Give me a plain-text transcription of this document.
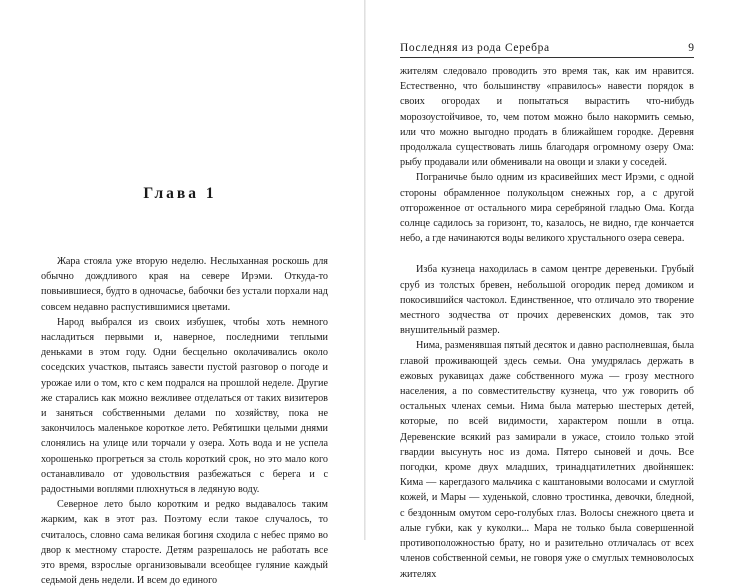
Глава 1

Жара стояла уже вторую неделю. Неслыханная роскошь для обычно дождливого края на севере Ирэми. Откуда-то повыившиеся, будто в одночасье, бабочки без устали порхали над совсем недавно распустившимися цветами.

Народ выбрался из своих избушек, чтобы хоть немного насладиться первыми и, наверное, последними теплыми деньками в этом году. Одни бесцельно околачивались около соседских участков, пытаясь завести пустой разговор о погоде и урожае или о том, кто с кем подрался на прошлой неделе. Другие же старались как можно вежливее отделаться от таких визитеров и заняться собственными делами по хозяйству, пока не закончилось маленькое короткое лето. Ребятишки целыми днями слонялись на улице или торчали у озера. Хоть вода и не успела хорошенько прогреться за столь короткий срок, но это мало кого останавливало от удовольствия разбежаться с берега и с радостными воплями плюхнуться в ледяную воду.

Северное лето было коротким и редко выдавалось таким жарким, как в этот раз. Поэтому если такое случалось, то считалось, словно сама великая богиня сходила с небес прямо во двор к местному старосте. Детям разрешалось не работать все это время, взрослые организовывали всеобщее гуляние каждый седьмой день недели. И всем до единого

Последняя из рода Серебра	9

жителям следовало проводить это время так, как им нравится. Естественно, что большинству «правилось» навести порядок в своих огородах и попытаться вырастить что-нибудь морозоустойчивое, то, чем потом можно было накормить семью, или что можно выгодно продать в ближайшем городке. Деревня продолжала существовать лишь благодаря огромному озеру Ома: рыбу продавали или обменивали на овощи и злаки у соседей.

Пограничье было одним из красивейших мест Ирэми, с одной стороны обрамленное полукольцом снежных гор, а с другой отгороженное от остального мира серебряной гладью Ома. Когда солнце садилось за горизонт, то, казалось, не видно, где кончается небо, а где начинаются воды великого хрустального озера севера.

Изба кузнеца находилась в самом центре деревеньки. Грубый сруб из толстых бревен, небольшой огородик перед домиком и покосившийся частокол. Единственное, что отличало это творение местного зодчества от прочих деревенских домов, так это внушительный размер.

Нима, разменявшая пятый десяток и давно располневшая, была главой проживающей здесь семьи. Она умудрялась держать в ежовых рукавицах даже собственного мужа — грозу местного населения, а по совместительству кузнеца, что уж говорить об остальных членах семьи. Нима была матерью шестерых детей, которые, по всей видимости, характером пошли в отца. Деревенские всякий раз замирали в ужасе, стоило только этой гвардии высунуть нос из дома. Пятеро сыновей и дочь. Все погодки, кроме двух младших, тринадцатилетних двойняшек: Кима — карегдазого мальчика с каштановыми волосами и смуглой кожей, и Мары — худенькой, словно тростинка, девочки, бледной, с бездонным омутом серо-голубых глаз. Волосы снежного цвета и алые губки, как у куколки... Мара не только была совершенной противоположностью брату, но и разительно отличалась от всех членов собственной семьи, не говоря уже о смуглых темноволосых жителях
